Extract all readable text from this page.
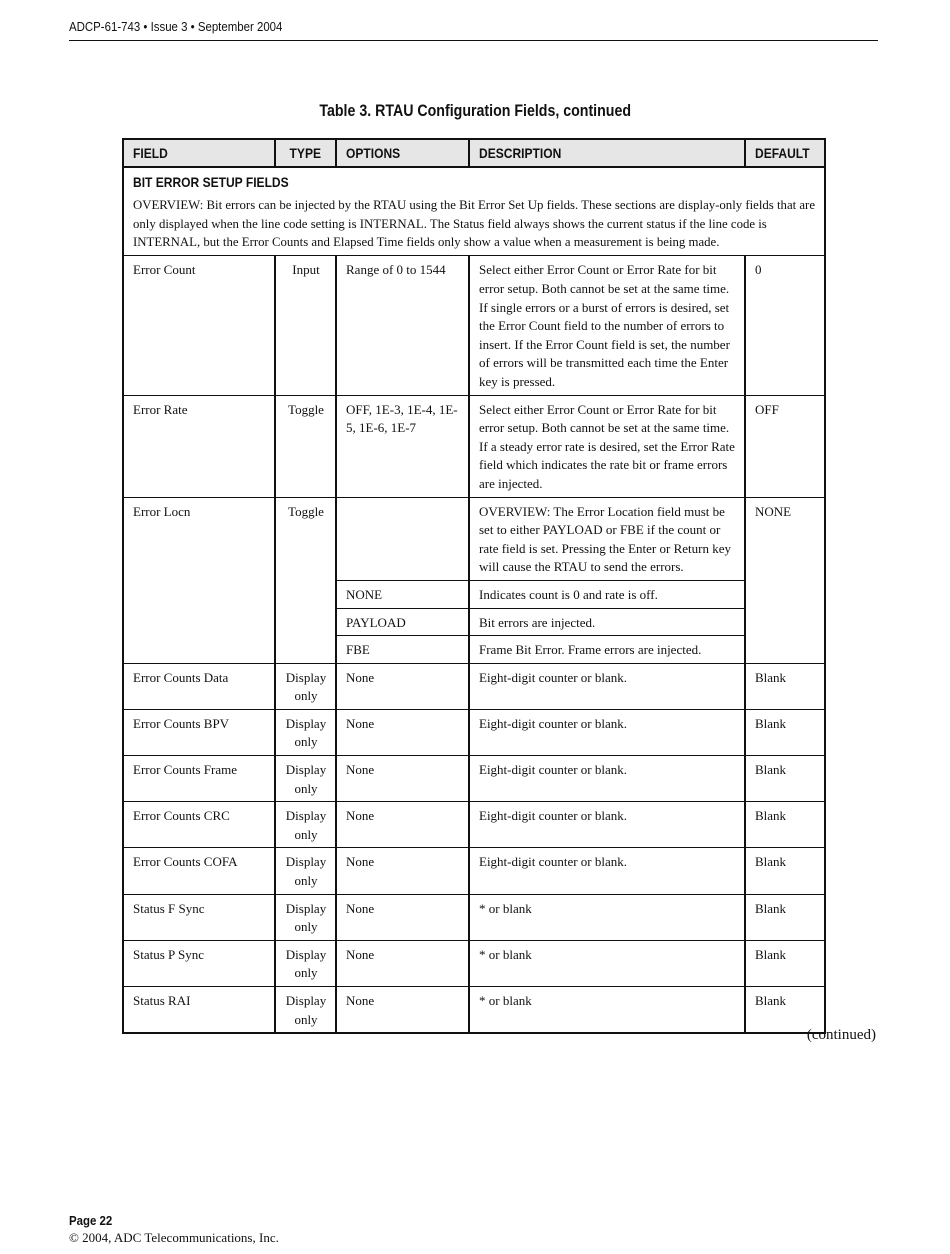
ADCP-61-743 • Issue 3 • September 2004
Table 3. RTAU Configuration Fields, continued
FIELD	TYPE	OPTIONS	DESCRIPTION	DEFAULT
BIT ERROR SETUP FIELDS
OVERVIEW: Bit errors can be injected by the RTAU using the Bit Error Set Up fields. These sections are display-only fields that are only displayed when the line code setting is INTERNAL. The Status field always shows the current status if the line code is INTERNAL, but the Error Counts and Elapsed Time fields only show a value when a measurement is being made.				

Error Count	Input	Range of 0 to 1544	Select either Error Count or Error Rate for bit error setup. Both cannot be set at the same time. If single errors or a burst of errors is desired, set the Error Count field to the number of errors to insert. If the Error Count field is set, the number of errors will be transmitted each time the Enter key is pressed.	0
Error Rate	Toggle	OFF, 1E-3, 1E-4, 1E-5, 1E-6, 1E-7	Select either Error Count or Error Rate for bit error setup. Both cannot be set at the same time. If a steady error rate is desired, set the Error Rate field which indicates the rate bit or frame errors are injected.	OFF
Error Locn	Toggle		OVERVIEW: The Error Location field must be set to either PAYLOAD or FBE if the count or rate field is set. Pressing the Enter or Return key will cause the RTAU to send the errors.	NONE
		NONE	Indicates count is 0 and rate is off.	
		PAYLOAD	Bit errors are injected.	
		FBE	Frame Bit Error. Frame errors are injected.	
Error Counts Data	Display only	None	Eight-digit counter or blank.	Blank
Error Counts BPV	Display only	None	Eight-digit counter or blank.	Blank
Error Counts Frame	Display only	None	Eight-digit counter or blank.	Blank
Error Counts CRC	Display only	None	Eight-digit counter or blank.	Blank
Error Counts COFA	Display only	None	Eight-digit counter or blank.	Blank
Status F Sync	Display only	None	* or blank	Blank
Status P Sync	Display only	None	* or blank	Blank
Status RAI	Display only	None	* or blank	Blank
(continued)
Page 22
© 2004, ADC Telecommunications, Inc.
